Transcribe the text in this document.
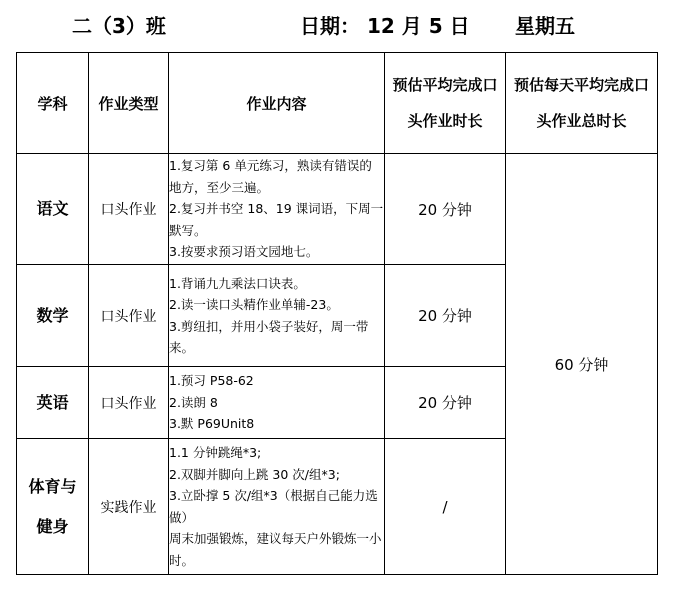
二（3）班	日期： 12 月 5 日 星期五
学科	作业类型	作业内容	预估平均完成口头作业时长	预估每天平均完成口头作业总时长
语文	口头作业	1.复习第 6 单元练习，熟读有错误的地方，至少三遍。
2.复习并书空 18、19 课词语，下周一默写。
3.按要求预习语文园地七。	20 分钟	60 分钟
数学	口头作业	1.背诵九九乘法口诀表。
2.读一读口头精作业单辅-23。
3.剪纽扣，并用小袋子装好，周一带来。	20 分钟	
英语	口头作业	1.预习 P58-62
2.读朗 8
3.默 P69Unit8	20 分钟	
体育与健身	实践作业	1.1 分钟跳绳*3;
2.双脚并脚向上跳 30 次/组*3;
3.立卧撑 5 次/组*3（根据自己能力选做）
周末加强锻炼，建议每天户外锻炼一小时。	/	
